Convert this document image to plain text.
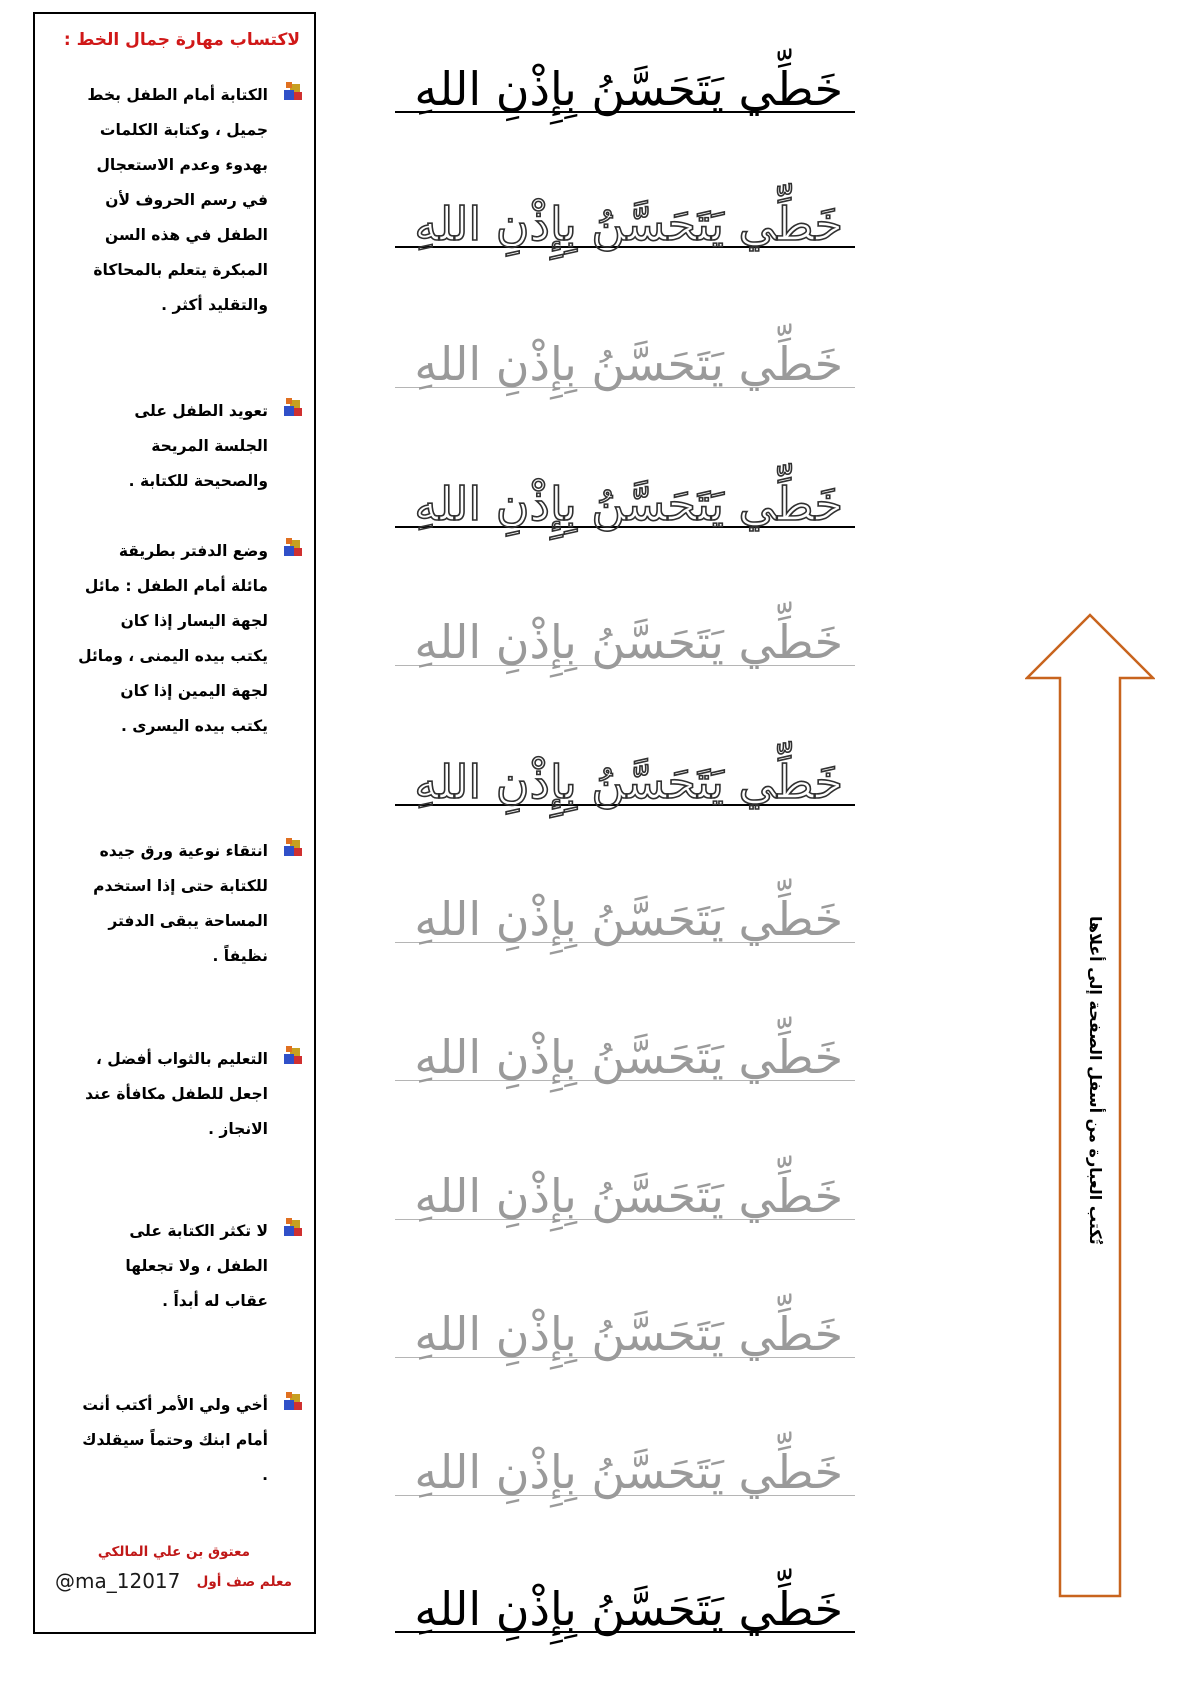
لاكتساب مهارة جمال الخط :
الكتابة أمام الطفل بخط جميل ، وكتابة الكلمات بهدوء وعدم الاستعجال في رسم الحروف لأن الطفل في هذه السن المبكرة يتعلم بالمحاكاة والتقليد أكثر .
تعويد الطفل على الجلسة المريحة والصحيحة للكتابة .
وضع الدفتر بطريقة مائلة أمام الطفل : مائل لجهة اليسار إذا كان يكتب بيده اليمنى ، ومائل لجهة اليمين إذا كان يكتب بيده اليسرى .
انتقاء نوعية ورق جيده للكتابة حتى إذا استخدم المساحة يبقى الدفتر نظيفاً .
التعليم بالثواب أفضل ، اجعل للطفل مكافأة عند الانجاز .
لا تكثر الكتابة على الطفل ، ولا تجعلها عقاب له أبداً .
أخي ولي الأمر أكتب أنت أمام ابنك وحتماً سيقلدك .
معتوق بن علي المالكي
معلم صف أول
@ma_12017
خَطِّي يَتَحَسَّنُ بِإِذْنِ اللهِ
خَطِّي يَتَحَسَّنُ بِإِذْنِ اللهِ
خَطِّي يَتَحَسَّنُ بِإِذْنِ اللهِ
خَطِّي يَتَحَسَّنُ بِإِذْنِ اللهِ
خَطِّي يَتَحَسَّنُ بِإِذْنِ اللهِ
خَطِّي يَتَحَسَّنُ بِإِذْنِ اللهِ
خَطِّي يَتَحَسَّنُ بِإِذْنِ اللهِ
خَطِّي يَتَحَسَّنُ بِإِذْنِ اللهِ
خَطِّي يَتَحَسَّنُ بِإِذْنِ اللهِ
خَطِّي يَتَحَسَّنُ بِإِذْنِ اللهِ
خَطِّي يَتَحَسَّنُ بِإِذْنِ اللهِ
خَطِّي يَتَحَسَّنُ بِإِذْنِ اللهِ
تُكتب العبارة من أسفل الصفحة إلى أعلاها
